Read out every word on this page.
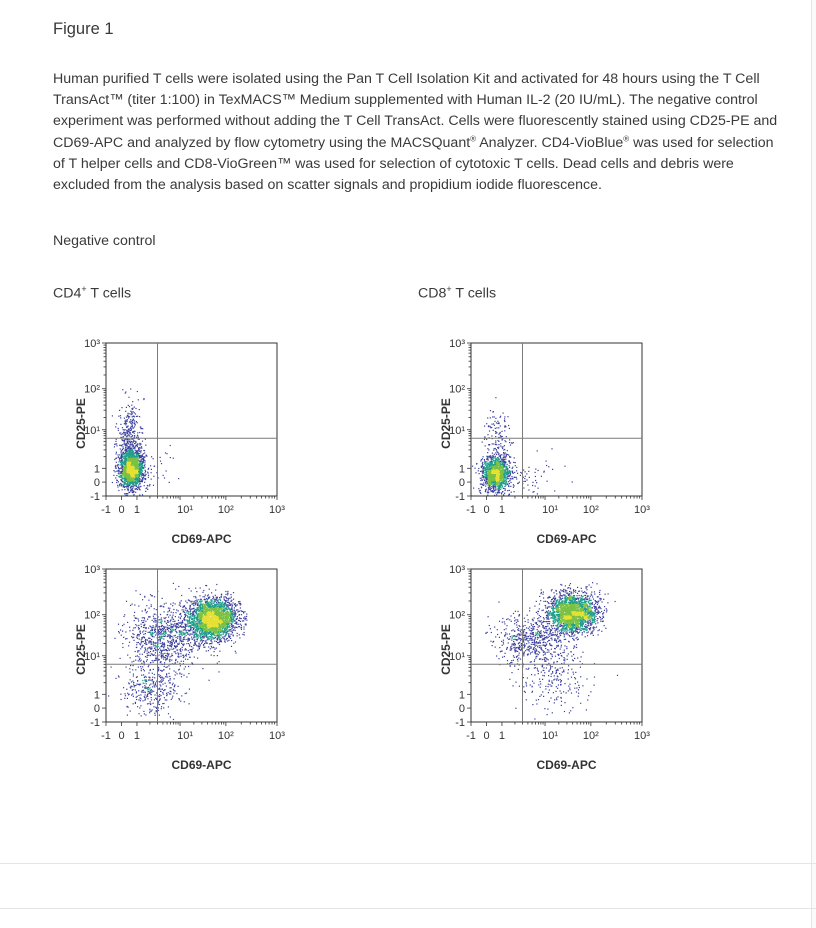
Figure 1
Human purified T cells were isolated using the Pan T Cell Isolation Kit and activated for 48 hours using the T Cell TransAct™ (titer 1:100) in TexMACS™ Medium supplemented with Human IL-2 (20 IU/mL). The negative control experiment was performed without adding the T Cell TransAct. Cells were fluorescently stained using CD25-PE and CD69-APC and analyzed by flow cytometry using the MACSQuant® Analyzer. CD4-VioBlue® was used for selection of T helper cells and CD8-VioGreen™ was used for selection of cytotoxic T cells. Dead cells and debris were excluded from the analysis based on scatter signals and propidium iodide fluorescence.
Negative control
CD4+ T cells	CD8+ T cells
-1 0 1	10¹ 10²	10³
-1
0
1
10¹
10²
10³
CD69-APC
CD25-PE
-1 0 1	10¹ 10²	10³
-1
0
1
10¹
10²
10³
CD69-APC
CD25-PE
-1 0 1	10¹ 10²	10³
-1
0
1
10¹
10²
10³
CD69-APC
CD25-PE
-1 0 1	10¹ 10²	10³
-1
0
1
10¹
10²
10³
CD69-APC
CD25-PE
